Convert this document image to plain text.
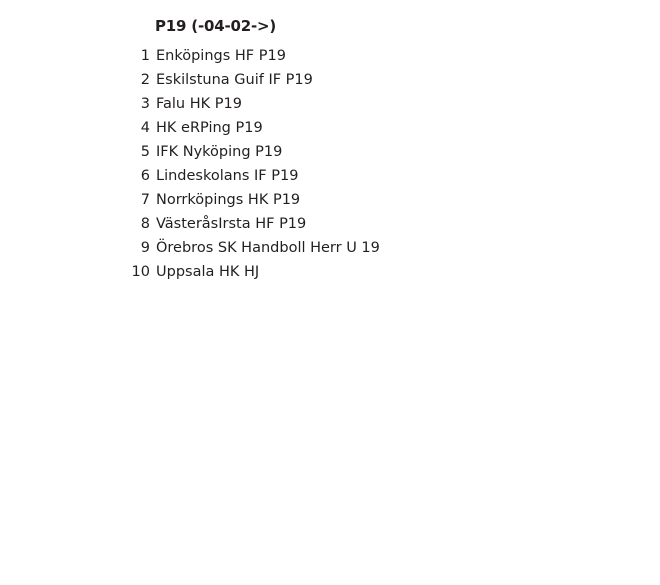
P19 (-04-02->)
1 Enköpings HF P19
2 Eskilstuna Guif IF P19
3 Falu HK P19
4 HK eRPing P19
5 IFK Nyköping P19
6 Lindeskolans IF P19
7 Norrköpings HK P19
8 VästeråsIrsta HF P19
9 Örebros SK Handboll Herr U 19
10 Uppsala HK HJ
